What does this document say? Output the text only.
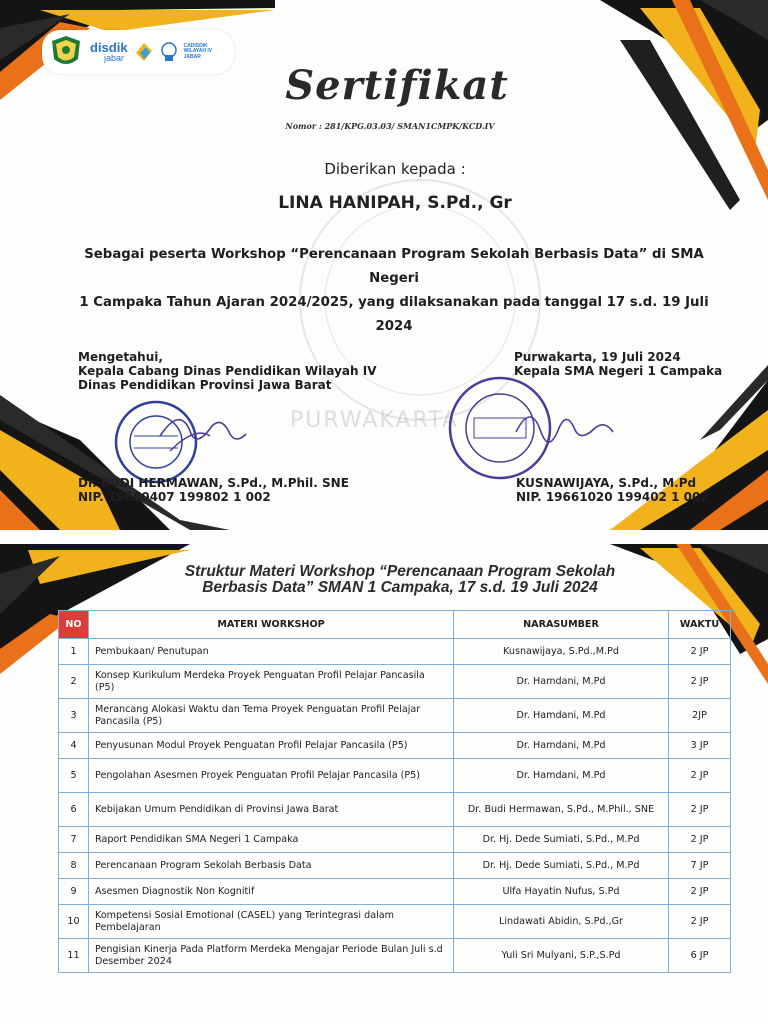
disdik
jabar
CADISDIK
WILAYAH IV
JABAR
Sertifikat
Nomor : 281/KPG.03.03/ SMAN1CMPK/KCD.IV
Diberikan kepada :
LINA HANIPAH, S.Pd., Gr
Sebagai peserta Workshop “Perencanaan Program Sekolah Berbasis Data” di SMA Negeri
1 Campaka Tahun Ajaran 2024/2025, yang dilaksanakan pada tanggal 17 s.d. 19 Juli 2024
PURWAKARTA
Mengetahui,
Kepala Cabang Dinas Pendidikan Wilayah IV
Dinas Pendidikan Provinsi Jawa Barat
Purwakarta, 19 Juli 2024
Kepala SMA Negeri 1 Campaka
Dr. BUDI HERMAWAN, S.Pd., M.Phil. SNE
NIP. 19680407 199802 1 002
KUSNAWIJAYA, S.Pd., M.Pd
NIP. 19661020 199402 1 002
Struktur Materi Workshop “Perencanaan Program Sekolah
Berbasis Data” SMAN 1 Campaka, 17 s.d. 19 Juli 2024
NO	MATERI WORKSHOP	NARASUMBER	WAKTU
1	Pembukaan/ Penutupan	Kusnawijaya, S.Pd.,M.Pd	2 JP
2	Konsep Kurikulum Merdeka Proyek Penguatan Profil Pelajar Pancasila (P5)	Dr. Hamdani, M.Pd	2 JP
3	Merancang Alokasi Waktu dan Tema Proyek Penguatan Profil Pelajar Pancasila (P5)	Dr. Hamdani, M.Pd	2JP
4	Penyusunan Modul Proyek Penguatan Profil Pelajar Pancasila (P5)	Dr. Hamdani, M.Pd	3 JP
5	Pengolahan Asesmen Proyek Penguatan Profil Pelajar Pancasila (P5)	Dr. Hamdani, M.Pd	2 JP
6	Kebijakan Umum Pendidikan di Provinsi Jawa Barat	Dr. Budi Hermawan, S.Pd., M.Phil., SNE	2 JP
7	Raport Pendidikan SMA Negeri 1 Campaka	Dr. Hj. Dede Sumiati, S.Pd., M.Pd	2 JP
8	Perencanaan Program Sekolah Berbasis Data	Dr. Hj. Dede Sumiati, S.Pd., M.Pd	7 JP
9	Asesmen Diagnostik Non Kognitif	Ulfa Hayatin Nufus, S.Pd	2 JP
10	Kompetensi Sosial Emotional (CASEL) yang Terintegrasi dalam Pembelajaran	Lindawati Abidin, S.Pd.,Gr	2 JP
11	Pengisian Kinerja Pada Platform Merdeka Mengajar Periode Bulan Juli s.d Desember 2024	Yuli Sri Mulyani, S.P.,S.Pd	6 JP
